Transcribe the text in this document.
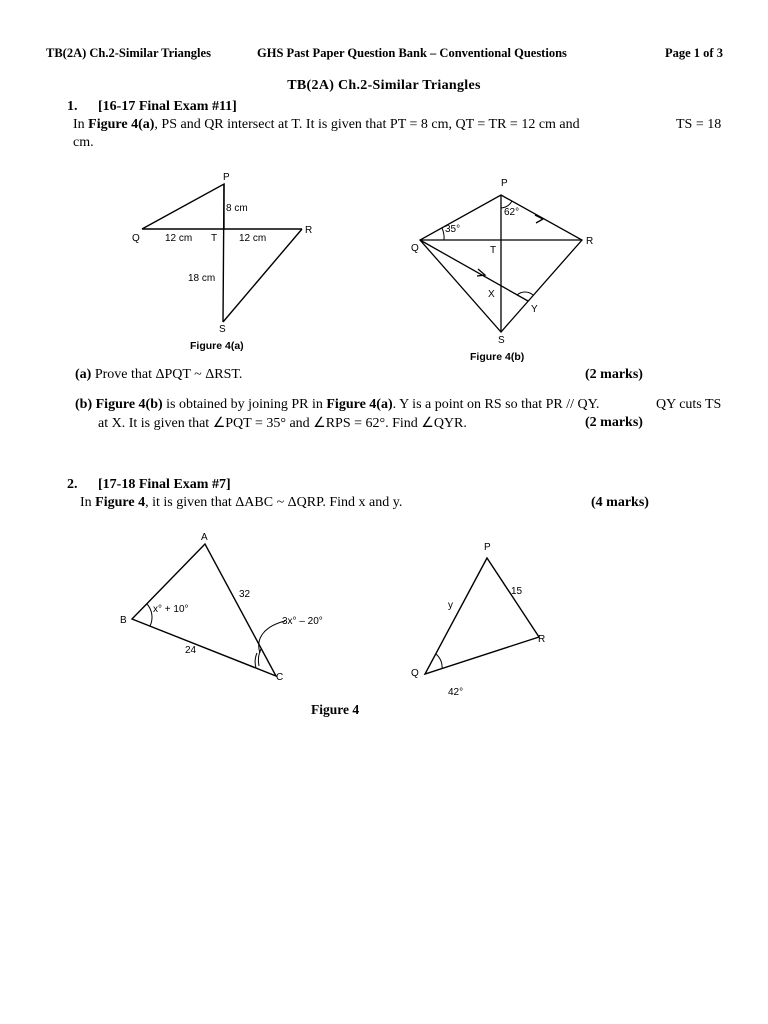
TB(2A) Ch.2-Similar Triangles	GHS Past Paper Question Bank – Conventional Questions	Page 1 of 3
TB(2A) Ch.2-Similar Triangles
1. [16-17 Final Exam #11]
In Figure 4(a), PS and QR intersect at T. It is given that PT = 8 cm, QT = TR = 12 cm and	TS = 18
cm.
P
Q
R
S
T
8 cm
12 cm	12 cm
18 cm
Figure 4(a)
P
Q
R
S
T
X
Y
35°
62°
Figure 4(b)
(a) Prove that ΔPQT ~ ΔRST.	(2 marks)
(b) Figure 4(b) is obtained by joining PR in Figure 4(a). Y is a point on RS so that PR // QY.	QY cuts TS
at X. It is given that ∠PQT = 35° and ∠RPS = 62°. Find ∠QYR.	(2 marks)
2. [17-18 Final Exam #7]
In Figure 4, it is given that ΔABC ~ ΔQRP. Find x and y.	(4 marks)
A
B
C
x° + 10°
3x° – 20°
32
24
P
Q
R
y
15
42°
Figure 4
